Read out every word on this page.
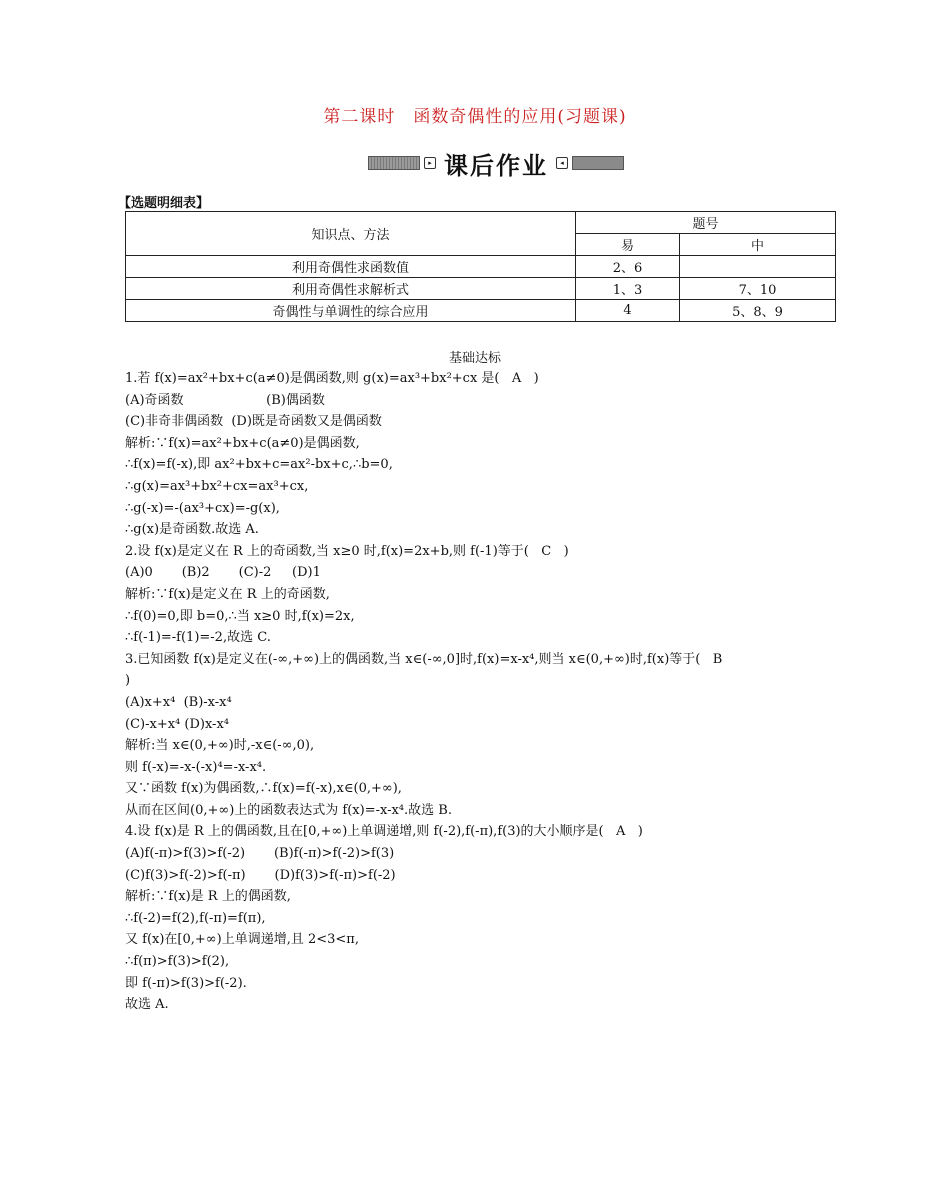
第二课时　函数奇偶性的应用(习题课)
▸ 课后作业	◂
【选题明细表】
知识点、方法	题号	
	易	中
利用奇偶性求函数值	2、6	
利用奇偶性求解析式	1、3	7、10
奇偶性与单调性的综合应用	4	5、8、9
基础达标
1.若 f(x)=ax²+bx+c(a≠0)是偶函数,则 g(x)=ax³+bx²+cx 是(   A   )
(A)奇函数                    (B)偶函数
(C)非奇非偶函数  (D)既是奇函数又是偶函数
解析:∵f(x)=ax²+bx+c(a≠0)是偶函数,
∴f(x)=f(-x),即 ax²+bx+c=ax²-bx+c,∴b=0,
∴g(x)=ax³+bx²+cx=ax³+cx,
∴g(-x)=-(ax³+cx)=-g(x),
∴g(x)是奇函数.故选 A.
2.设 f(x)是定义在 R 上的奇函数,当 x≥0 时,f(x)=2x+b,则 f(-1)等于(   C   )
(A)0       (B)2       (C)-2     (D)1
解析:∵f(x)是定义在 R 上的奇函数,
∴f(0)=0,即 b=0,∴当 x≥0 时,f(x)=2x,
∴f(-1)=-f(1)=-2,故选 C.
3.已知函数 f(x)是定义在(-∞,+∞)上的偶函数,当 x∈(-∞,0]时,f(x)=x-x⁴,则当 x∈(0,+∞)时,f(x)等于(   B
)
(A)x+x⁴  (B)-x-x⁴
(C)-x+x⁴ (D)x-x⁴
解析:当 x∈(0,+∞)时,-x∈(-∞,0),
则 f(-x)=-x-(-x)⁴=-x-x⁴.
又∵函数 f(x)为偶函数,∴f(x)=f(-x),x∈(0,+∞),
从而在区间(0,+∞)上的函数表达式为 f(x)=-x-x⁴.故选 B.
4.设 f(x)是 R 上的偶函数,且在[0,+∞)上单调递增,则 f(-2),f(-π),f(3)的大小顺序是(   A   )
(A)f(-π)>f(3)>f(-2)       (B)f(-π)>f(-2)>f(3)
(C)f(3)>f(-2)>f(-π)       (D)f(3)>f(-π)>f(-2)
解析:∵f(x)是 R 上的偶函数,
∴f(-2)=f(2),f(-π)=f(π),
又 f(x)在[0,+∞)上单调递增,且 2<3<π,
∴f(π)>f(3)>f(2),
即 f(-π)>f(3)>f(-2).
故选 A.
